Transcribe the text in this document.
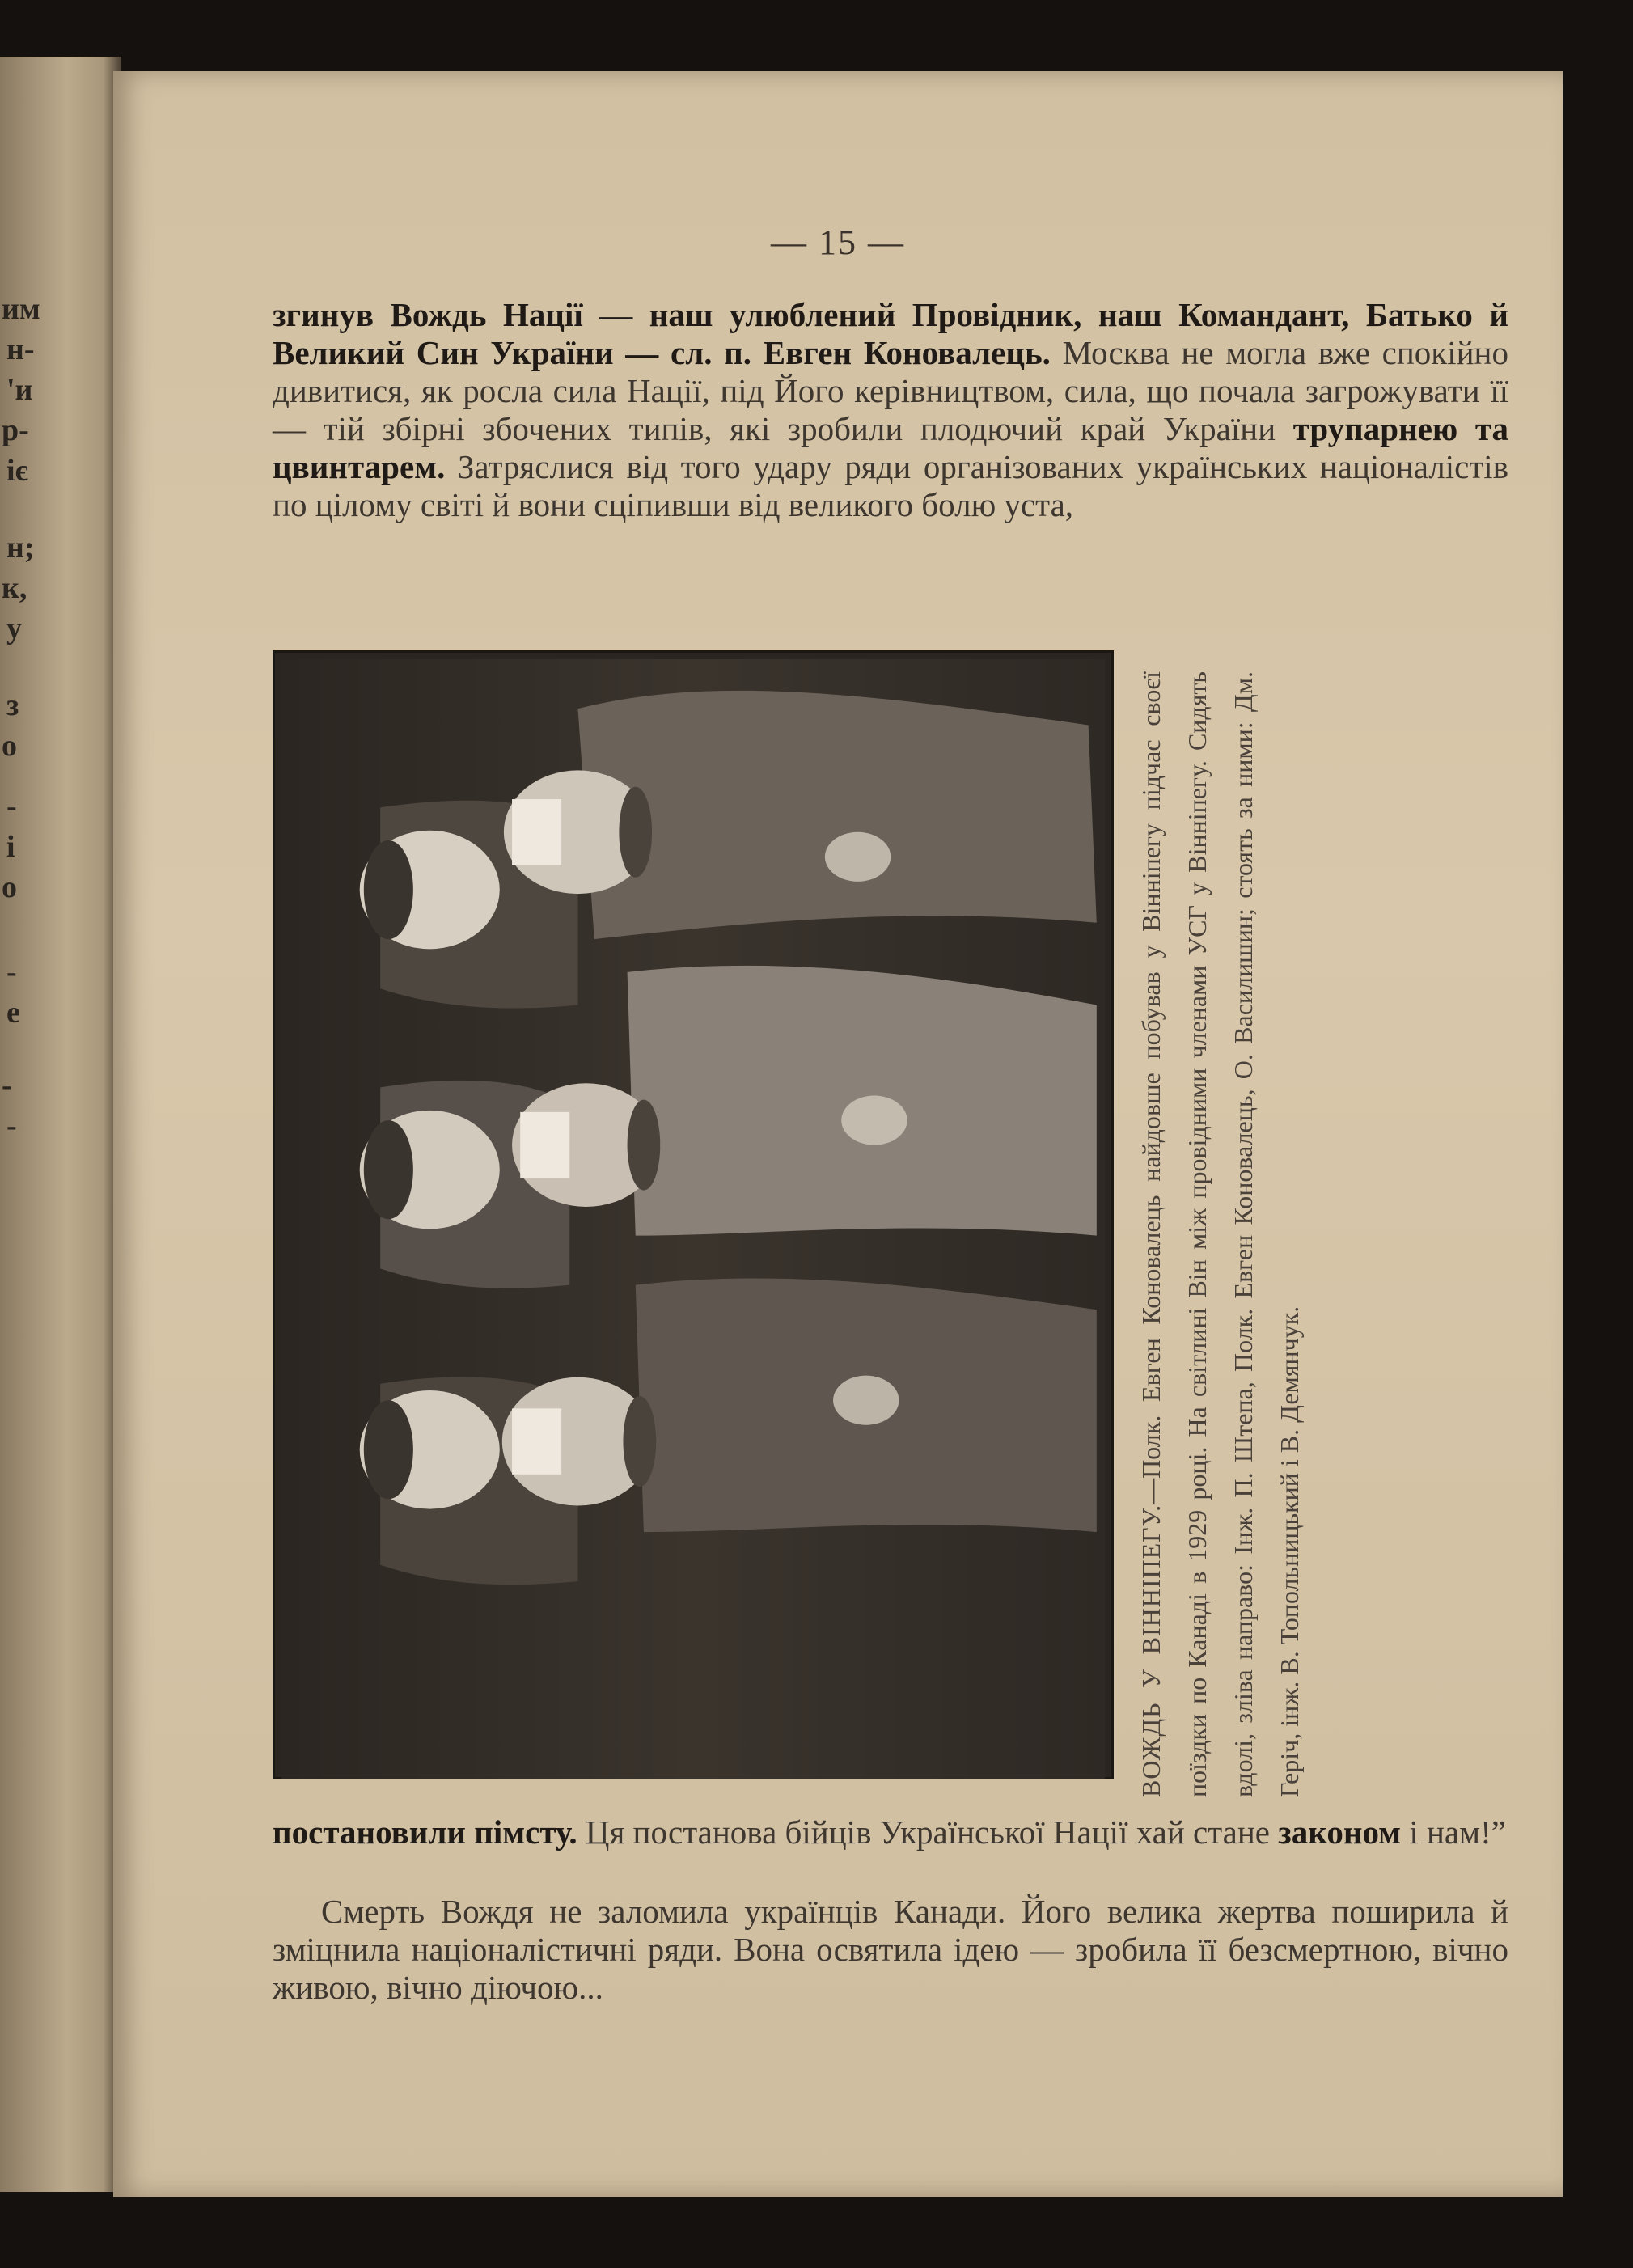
им
н-
'и
р-
іє
н;
к,
у
з
о
-
і
о
-
е
-
-
— 15 —

згинув Вождь Нації — наш улюблений Провідник, наш Командант, Батько й Великий Син України — сл. п. Евген Коновалець. Москва не могла вже спокійно дивитися, як росла сила Нації, під Його керівництвом, сила, що почала загрожувати її — тій збірні збочених типів, які зробили плодючий край України трупарнею та цвинтарем. Затряслися від того удару ряди організованих українських націоналістів по цілому світі й вони сціпивши від великого болю уста,

ВОЖДЬ У ВІННІПЕГУ.—Полк. Евген Коновалець найдовше побував у Вінніпегу підчас своєї поїздки по Канаді в 1929 році. На світлині Він між провідними членами УСГ у Вінніпегу. Сидять вдолі, зліва направо: Інж. П. Штепа, Полк. Евген Коновалець, О. Василишин; стоять за ними: Дм. Геріч, інж. В. Топольницький і В. Демянчук.

постановили пімсту. Ця постанова бійців Української Нації хай стане законом і нам!”

Смерть Вождя не заломила українців Канади. Його велика жертва поширила й зміцнила націоналістичні ряди. Вона освятила ідею — зробила її безсмертною, вічно живою, вічно діючою...
